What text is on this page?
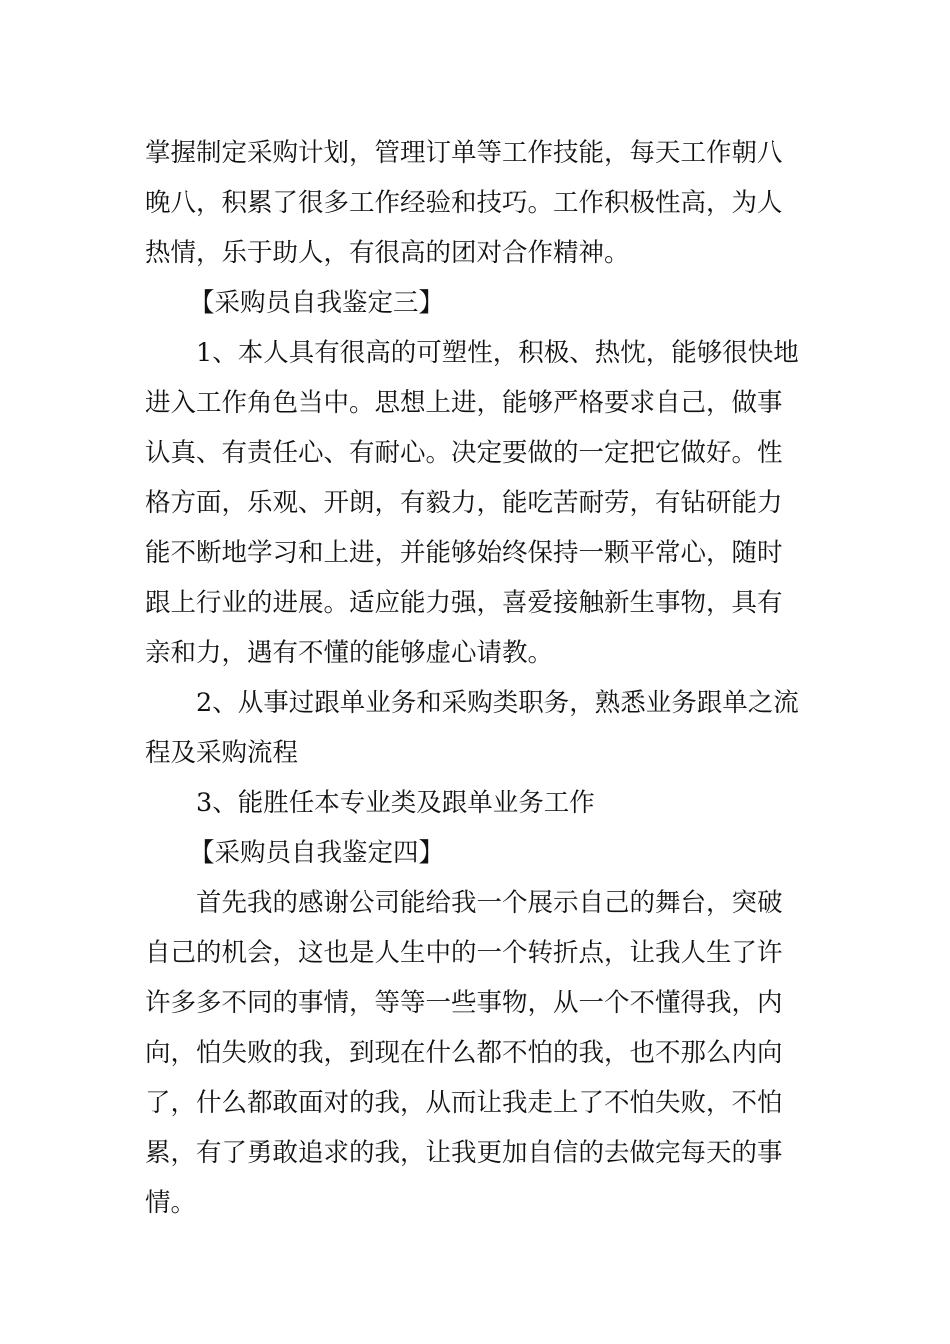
掌握制定采购计划，管理订单等工作技能，每天工作朝八
晚八，积累了很多工作经验和技巧。工作积极性高，为人
热情，乐于助人，有很高的团对合作精神。
【采购员自我鉴定三】
1、本人具有很高的可塑性，积极、热忱，能够很快地
进入工作角色当中。思想上进，能够严格要求自己，做事
认真、有责任心、有耐心。决定要做的一定把它做好。性
格方面，乐观、开朗，有毅力，能吃苦耐劳，有钻研能力
能不断地学习和上进，并能够始终保持一颗平常心，随时
跟上行业的进展。适应能力强，喜爱接触新生事物，具有
亲和力，遇有不懂的能够虚心请教。
2、从事过跟单业务和采购类职务，熟悉业务跟单之流
程及采购流程
3、能胜任本专业类及跟单业务工作
【采购员自我鉴定四】
首先我的感谢公司能给我一个展示自己的舞台，突破
自己的机会，这也是人生中的一个转折点，让我人生了许
许多多不同的事情，等等一些事物，从一个不懂得我，内
向，怕失败的我，到现在什么都不怕的我，也不那么内向
了，什么都敢面对的我，从而让我走上了不怕失败，不怕
累，有了勇敢追求的我，让我更加自信的去做完每天的事
情。
